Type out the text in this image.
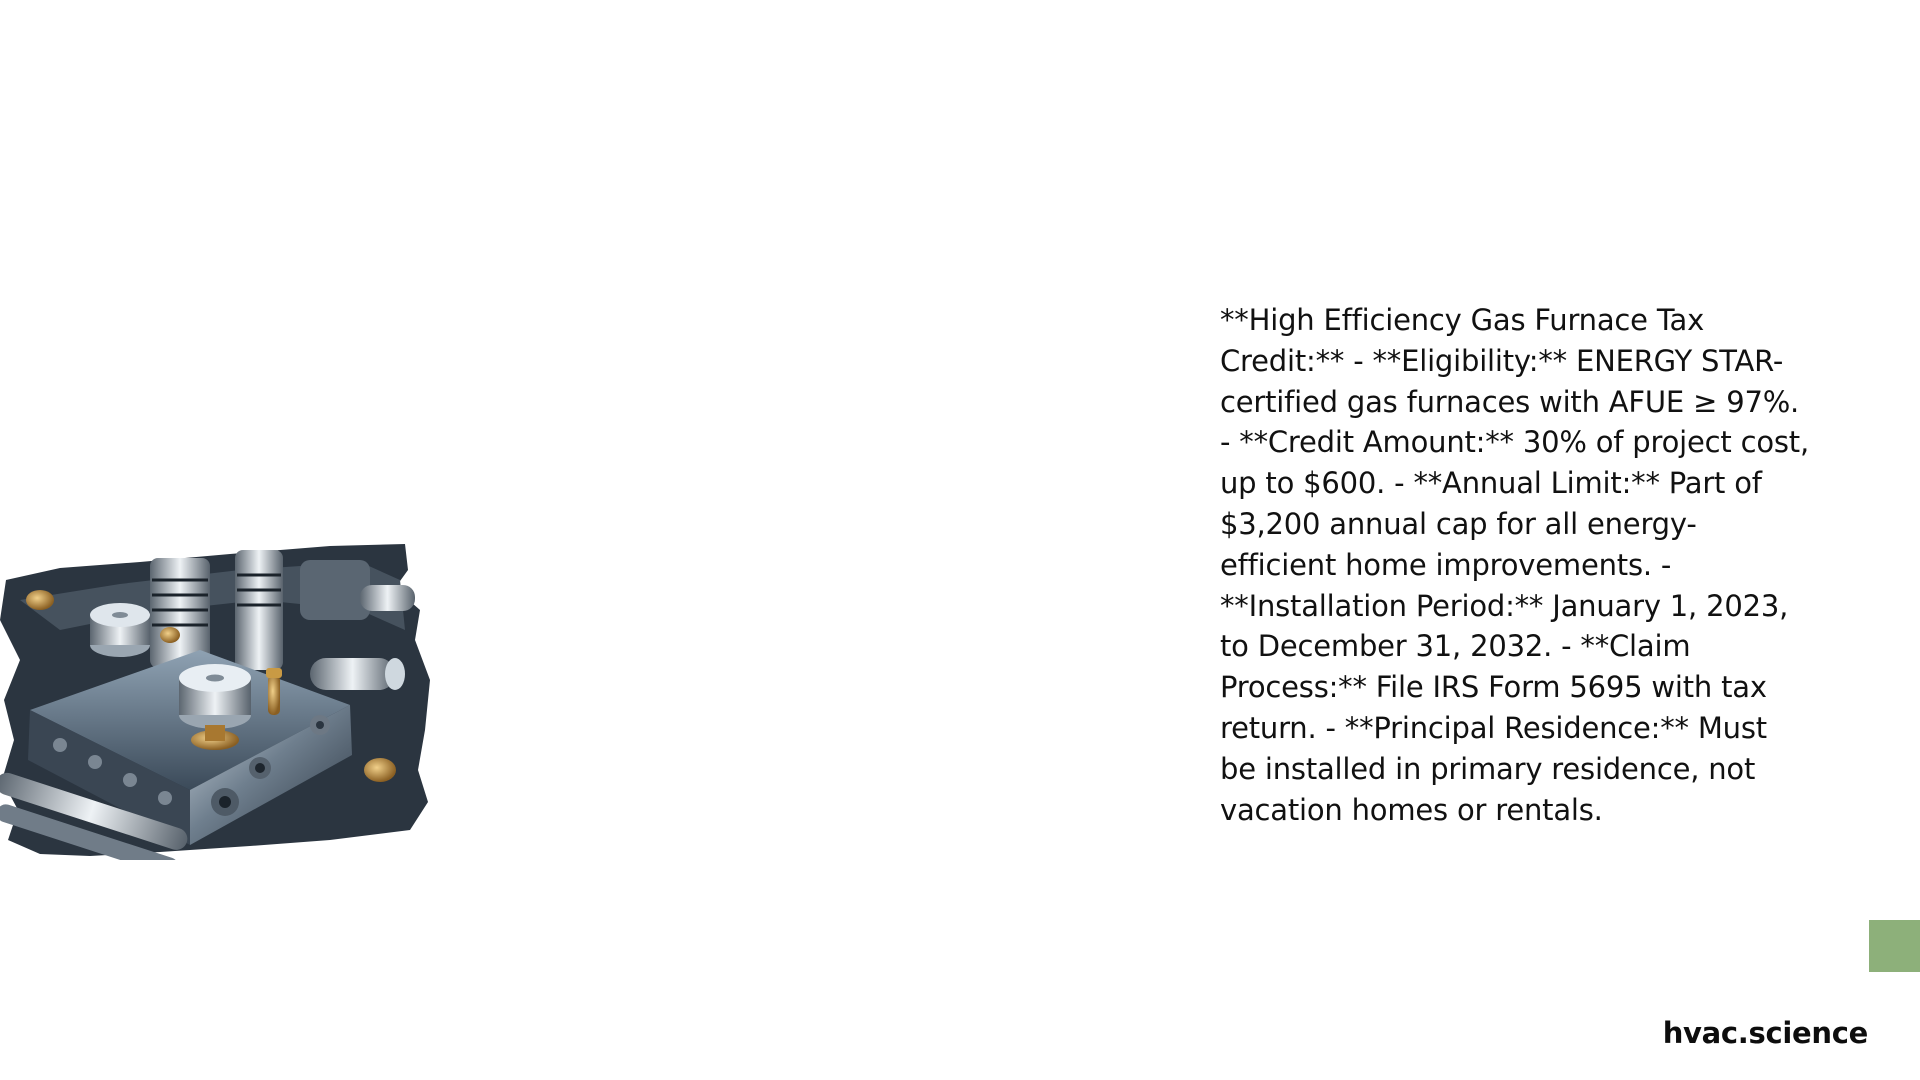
**High Efficiency Gas Furnace Tax Credit:** - **Eligibility:** ENERGY STAR-certified gas furnaces with AFUE ≥ 97%. - **Credit Amount:** 30% of project cost, up to $600. - **Annual Limit:** Part of $3,200 annual cap for all energy-efficient home improvements. - **Installation Period:** January 1, 2023, to December 31, 2032. - **Claim Process:** File IRS Form 5695 with tax return. - **Principal Residence:** Must be installed in primary residence, not vacation homes or rentals.

hvac.science
